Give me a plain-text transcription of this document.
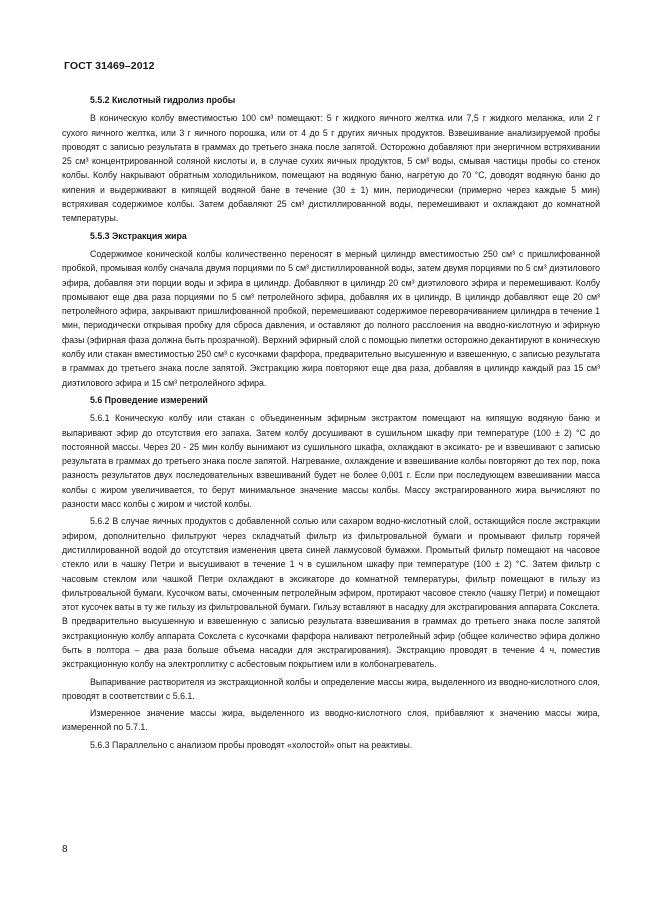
ГОСТ 31469–2012
5.5.2 Кислотный гидролиз пробы

В коническую колбу вместимостью 100 см³ помещают: 5 г жидкого яичного желтка или 7,5 г жидкого меланжа, или 2 г сухого яичного желтка, или 3 г яичного порошка, или от 4 до 5 г других яичных продуктов. Взвешивание анализируемой пробы проводят с записью результата в граммах до третьего знака после запятой. Осторожно добавляют при энергичном встряхивании 25 см³ концентрированной соляной кислоты и, в случае сухих яичных продуктов, 5 см³ воды, смывая частицы пробы со стенок колбы. Колбу накрывают обратным холодильником, помещают на водяную баню, нагретую до 70 °С, доводят водяную баню до кипения и выдерживают в кипящей водяной бане в течение (30 ± 1) мин, периодически (примерно через каждые 5 мин) встряхивая содержимое колбы. Затем добавляют 25 см³ дистиллированной воды, перемешивают и охлаждают до комнатной температуры.

5.5.3 Экстракция жира

Содержимое конической колбы количественно переносят в мерный цилиндр вместимостью 250 см³ с пришлифованной пробкой, промывая колбу сначала двумя порциями по 5 см³ дистиллированной воды, затем двумя порциями по 5 см³ диэтилового эфира, добавляя эти порции воды и эфира в цилиндр. Добавляют в цилиндр 20 см³ диэтилового эфира и перемешивают. Колбу промывают еще два раза порциями по 5 см³ петролейного эфира, добавляя их в цилиндр. В цилиндр добавляют еще 20 см³ петролейного эфира, закрывают пришлифованной пробкой, перемешивают содержимое переворачиванием цилиндра в течение 1 мин, периодически открывая пробку для сброса давления, и оставляют до полного расслоения на вводно-кислотную и эфирную фазы (эфирная фаза должна быть прозрачной). Верхний эфирный слой с помощью пипетки осторожно декантируют в коническую колбу или стакан вместимостью 250 см³ с кусочками фарфора, предварительно высушенную и взвешенную, с записью результата в граммах до третьего знака после запятой. Экстракцию жира повторяют еще два раза, добавляя в цилиндр каждый раз 15 см³ диэтилового эфира и 15 см³ петролейного эфира.

5.6 Проведение измерений

5.6.1 Коническую колбу или стакан с объединенным эфирным экстрактом помещают на кипящую водяную баню и выпаривают эфир до отсутствия его запаха. Затем колбу досушивают в сушильном шкафу при температуре (100 ± 2) °С до постоянной массы. Через 20 - 25 мин колбу вынимают из сушильного шкафа, охлаждают в эксикато- ре и взвешивают с записью результата в граммах до третьего знака после запятой. Нагревание, охлаждение и взвешивание колбы повторяют до тех пор, пока разность результатов двух последовательных взвешиваний будет не более 0,001 г. Если при последующем взвешивании масса колбы с жиром увеличивается, то берут минимальное значение массы колбы. Массу экстрагированного жира вычисляют по разности масс колбы с жиром и чистой колбы.

5.6.2 В случае яичных продуктов с добавленной солью или сахаром водно-кислотный слой, остающийся после экстракции эфиром, дополнительно фильтруют через складчатый фильтр из фильтровальной бумаги и промывают фильтр горячей дистиллированной водой до отсутствия изменения цвета синей лакмусовой бумажки. Промытый фильтр помещают на часовое стекло или в чашку Петри и высушивают в течение 1 ч в сушильном шкафу при температуре (100 ± 2) °С. Затем фильтр с часовым стеклом или чашкой Петри охлаждают в эксикаторе до комнатной температуры, фильтр помещают в гильзу из фильтровальной бумаги. Кусочком ваты, смоченным петролейным эфиром, протирают часовое стекло (чашку Петри) и помещают этот кусочек ваты в ту же гильзу из фильтровальной бумаги. Гильзу вставляют в насадку для экстрагирования аппарата Сокслета. В предварительно высушенную и взвешенную с записью результата взвешивания в граммах до третьего знака после запятой экстракционную колбу аппарата Сокслета с кусочками фарфора наливают петролейный эфир (общее количество эфира должно быть в полтора – два раза больше объема насадки для экстрагирования). Экстракцию проводят в течение 4 ч, поместив экстракционную колбу на электроплитку с асбестовым покрытием или в колбонагреватель.

Выпаривание растворителя из экстракционной колбы и определение массы жира, выделенного из вводно-кислотного слоя, проводят в соответствии с 5.6.1.

Измеренное значение массы жира, выделенного из вводно-кислотного слоя, прибавляют к значению массы жира, измеренной по 5.7.1.

5.6.3 Параллельно с анализом пробы проводят «холостой» опыт на реактивы.

8
